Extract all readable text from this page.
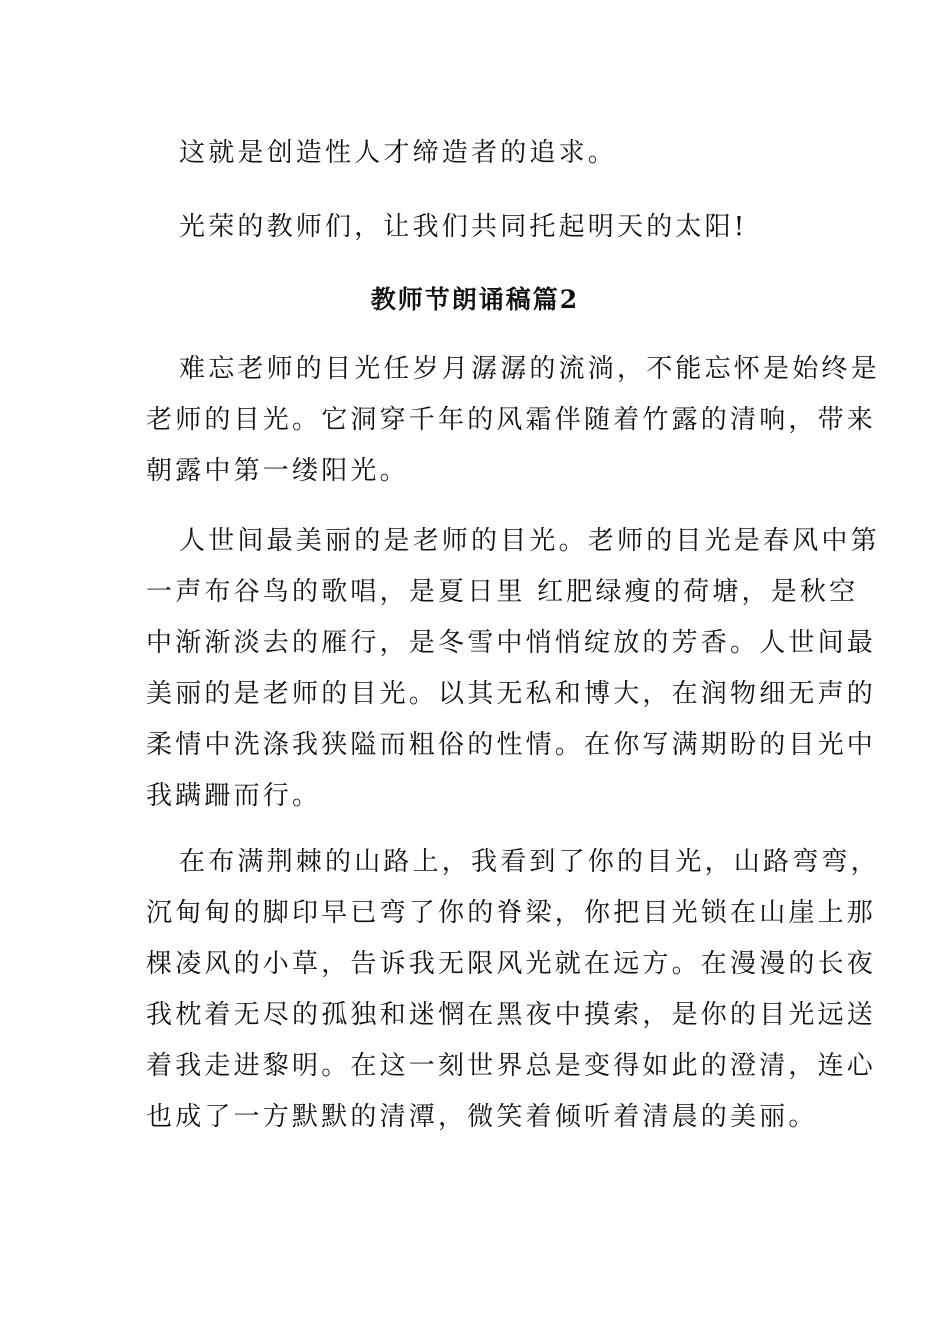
这就是创造性人才缔造者的追求。
光荣的教师们，让我们共同托起明天的太阳!
教师节朗诵稿篇2
难忘老师的目光任岁月潺潺的流淌，不能忘怀是始终是
老师的目光。它洞穿千年的风霜伴随着竹露的清响，带来
朝露中第一缕阳光。
人世间最美丽的是老师的目光。老师的目光是春风中第
一声布谷鸟的歌唱，是夏日里 红肥绿瘦的荷塘，是秋空
中渐渐淡去的雁行，是冬雪中悄悄绽放的芳香。人世间最
美丽的是老师的目光。以其无私和博大，在润物细无声的
柔情中洗涤我狭隘而粗俗的性情。在你写满期盼的目光中
我蹒跚而行。
在布满荆棘的山路上，我看到了你的目光，山路弯弯，
沉甸甸的脚印早已弯了你的脊梁，你把目光锁在山崖上那
棵凌风的小草，告诉我无限风光就在远方。在漫漫的长夜
我枕着无尽的孤独和迷惘在黑夜中摸索，是你的目光远送
着我走进黎明。在这一刻世界总是变得如此的澄清，连心
也成了一方默默的清潭，微笑着倾听着清晨的美丽。
